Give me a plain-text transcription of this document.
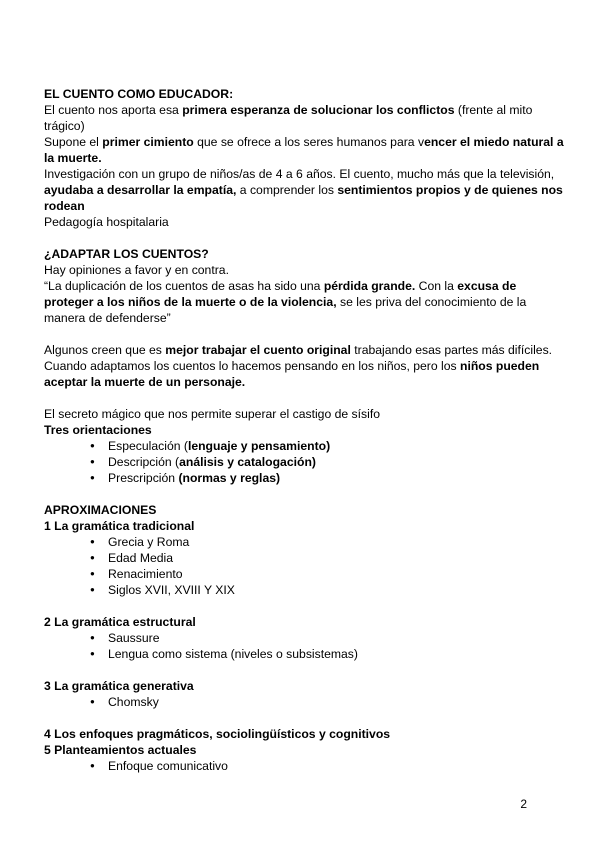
EL CUENTO COMO EDUCADOR:

El cuento nos aporta esa primera esperanza de solucionar los conflictos (frente al mito trágico)

Supone el primer cimiento que se ofrece a los seres humanos para vencer el miedo natural a la muerte.

Investigación con un grupo de niños/as de 4 a 6 años. El cuento, mucho más que la televisión, ayudaba a desarrollar la empatía, a comprender los sentimientos propios y de quienes nos rodean

Pedagogía hospitalaria

¿ADAPTAR LOS CUENTOS?

Hay opiniones a favor y en contra.

“La duplicación de los cuentos de asas ha sido una pérdida grande. Con la excusa de proteger a los niños de la muerte o de la violencia, se les priva del conocimiento de la manera de defenderse”

Algunos creen que es mejor trabajar el cuento original trabajando esas partes más difíciles. Cuando adaptamos los cuentos lo hacemos pensando en los niños, pero los niños pueden aceptar la muerte de un personaje.

El secreto mágico que nos permite superar el castigo de sísifo

Tres orientaciones

● Especulación (lenguaje y pensamiento)
● Descripción (análisis y catalogación)
● Prescripción (normas y reglas)

APROXIMACIONES

1 La gramática tradicional

● Grecia y Roma
● Edad Media
● Renacimiento
● Siglos XVII, XVIII Y XIX

2 La gramática estructural

● Saussure
● Lengua como sistema (niveles o subsistemas)

3 La gramática generativa

● Chomsky

4 Los enfoques pragmáticos, sociolingüísticos y cognitivos

5 Planteamientos actuales

● Enfoque comunicativo
2
